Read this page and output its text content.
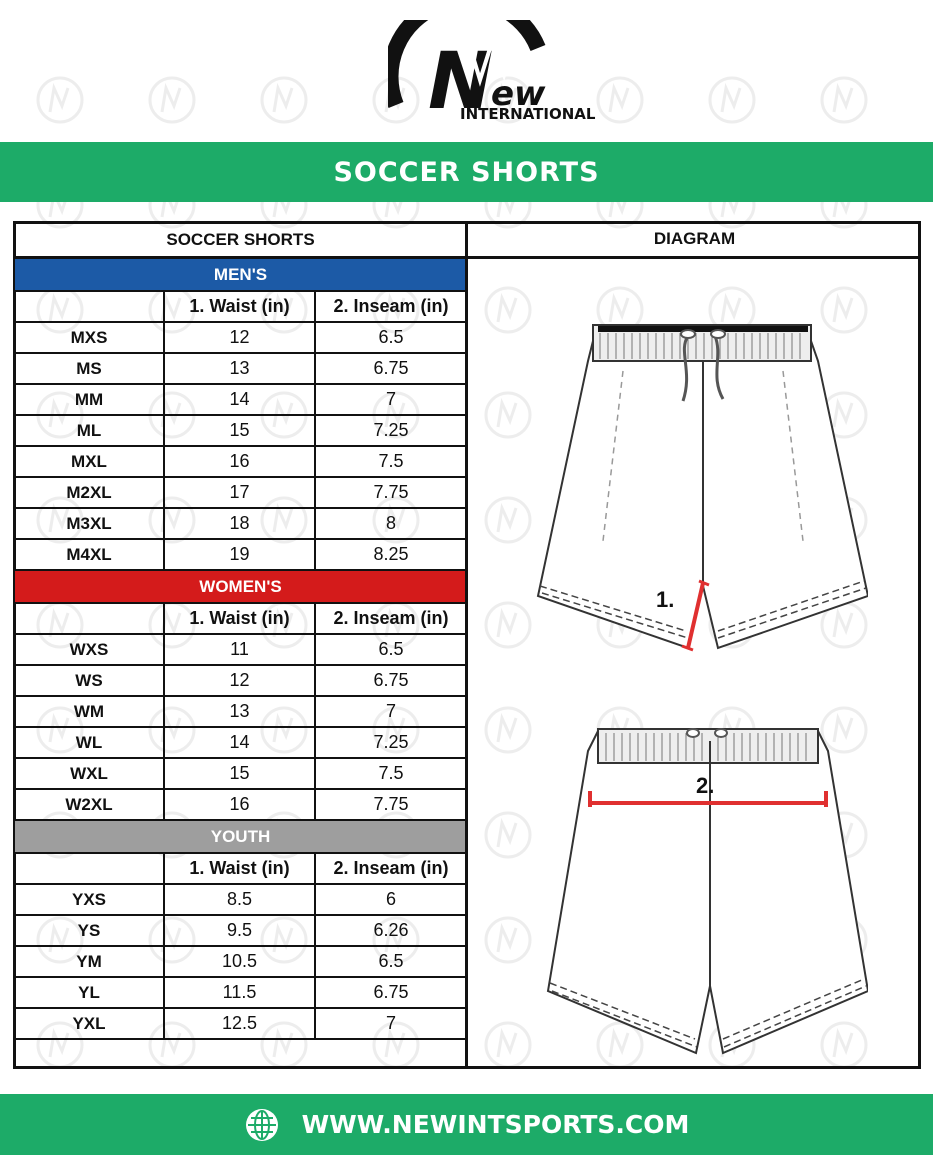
N
ew
INTERNATIONAL
SOCCER SHORTS
SOCCER SHORTS		
MEN'S		
	1. Waist (in)	2. Inseam (in)
MXS	12	6.5
MS	13	6.75
MM	14	7
ML	15	7.25
MXL	16	7.5
M2XL	17	7.75
M3XL	18	8
M4XL	19	8.25
WOMEN'S		
	1. Waist (in)	2. Inseam (in)
WXS	11	6.5
WS	12	6.75
WM	13	7
WL	14	7.25
WXL	15	7.5
W2XL	16	7.75
YOUTH		
	1. Waist (in)	2. Inseam (in)
YXS	8.5	6
YS	9.5	6.26
YM	10.5	6.5
YL	11.5	6.75
YXL	12.5	7
DIAGRAM
1.
2.
WWW.NEWINTSPORTS.COM
